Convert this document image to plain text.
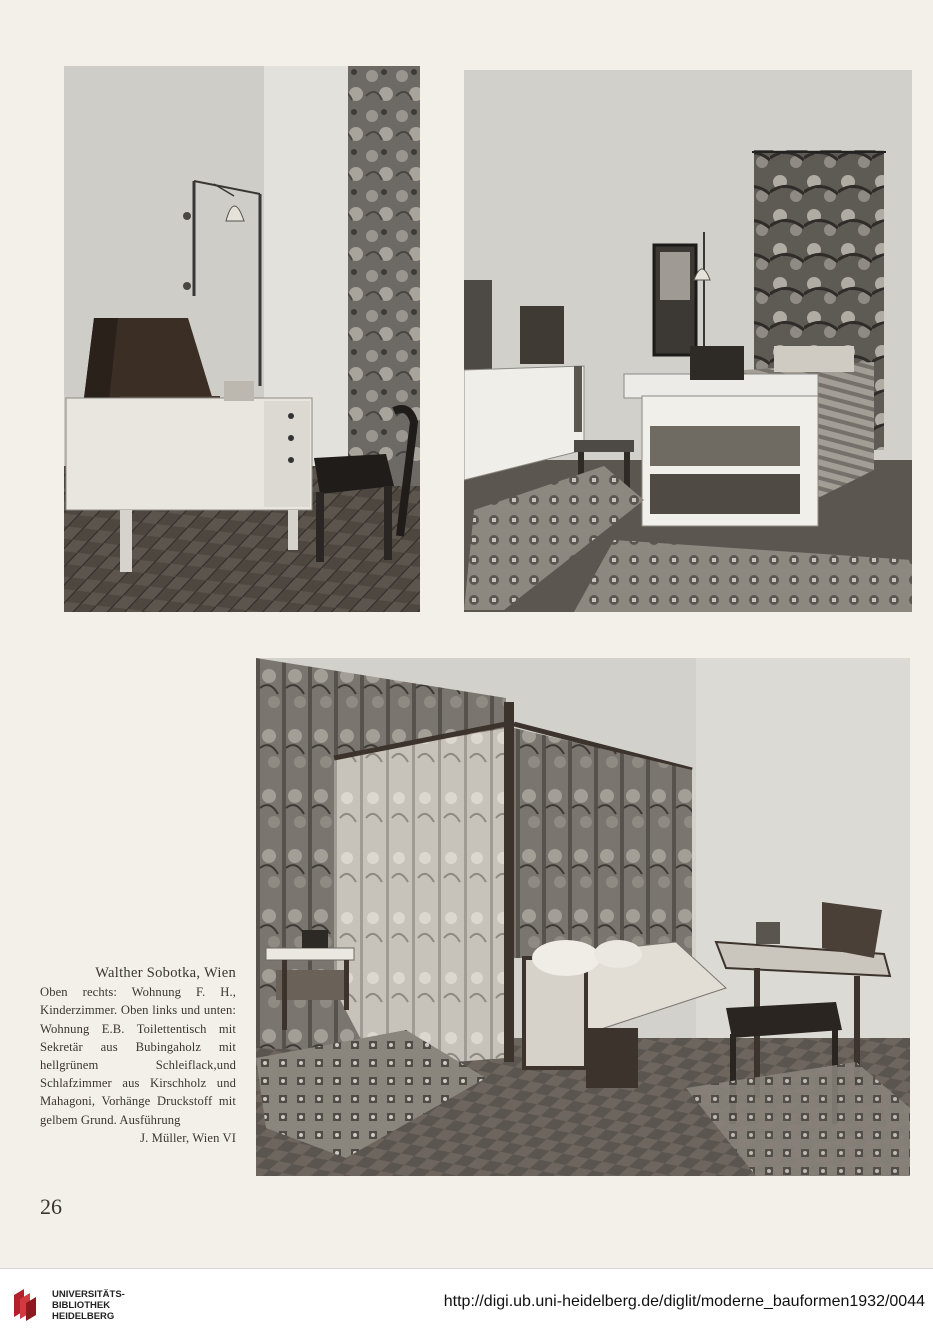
Walther Sobotka, Wien
Oben rechts: Wohnung F. H., Kinderzimmer. Oben links und unten: Wohnung E.B. Toilettentisch mit Sekretär aus Bubingaholz mit hellgrünem Schleiflack,und Schlafzimmer aus Kirschholz und Mahagoni, Vorhänge Druckstoff mit gelbem Grund. Ausführung
J. Müller, Wien VI
26
UNIVERSITÄTS-
BIBLIOTHEK
HEIDELBERG
http://digi.ub.uni-heidelberg.de/diglit/moderne_bauformen1932/0044
